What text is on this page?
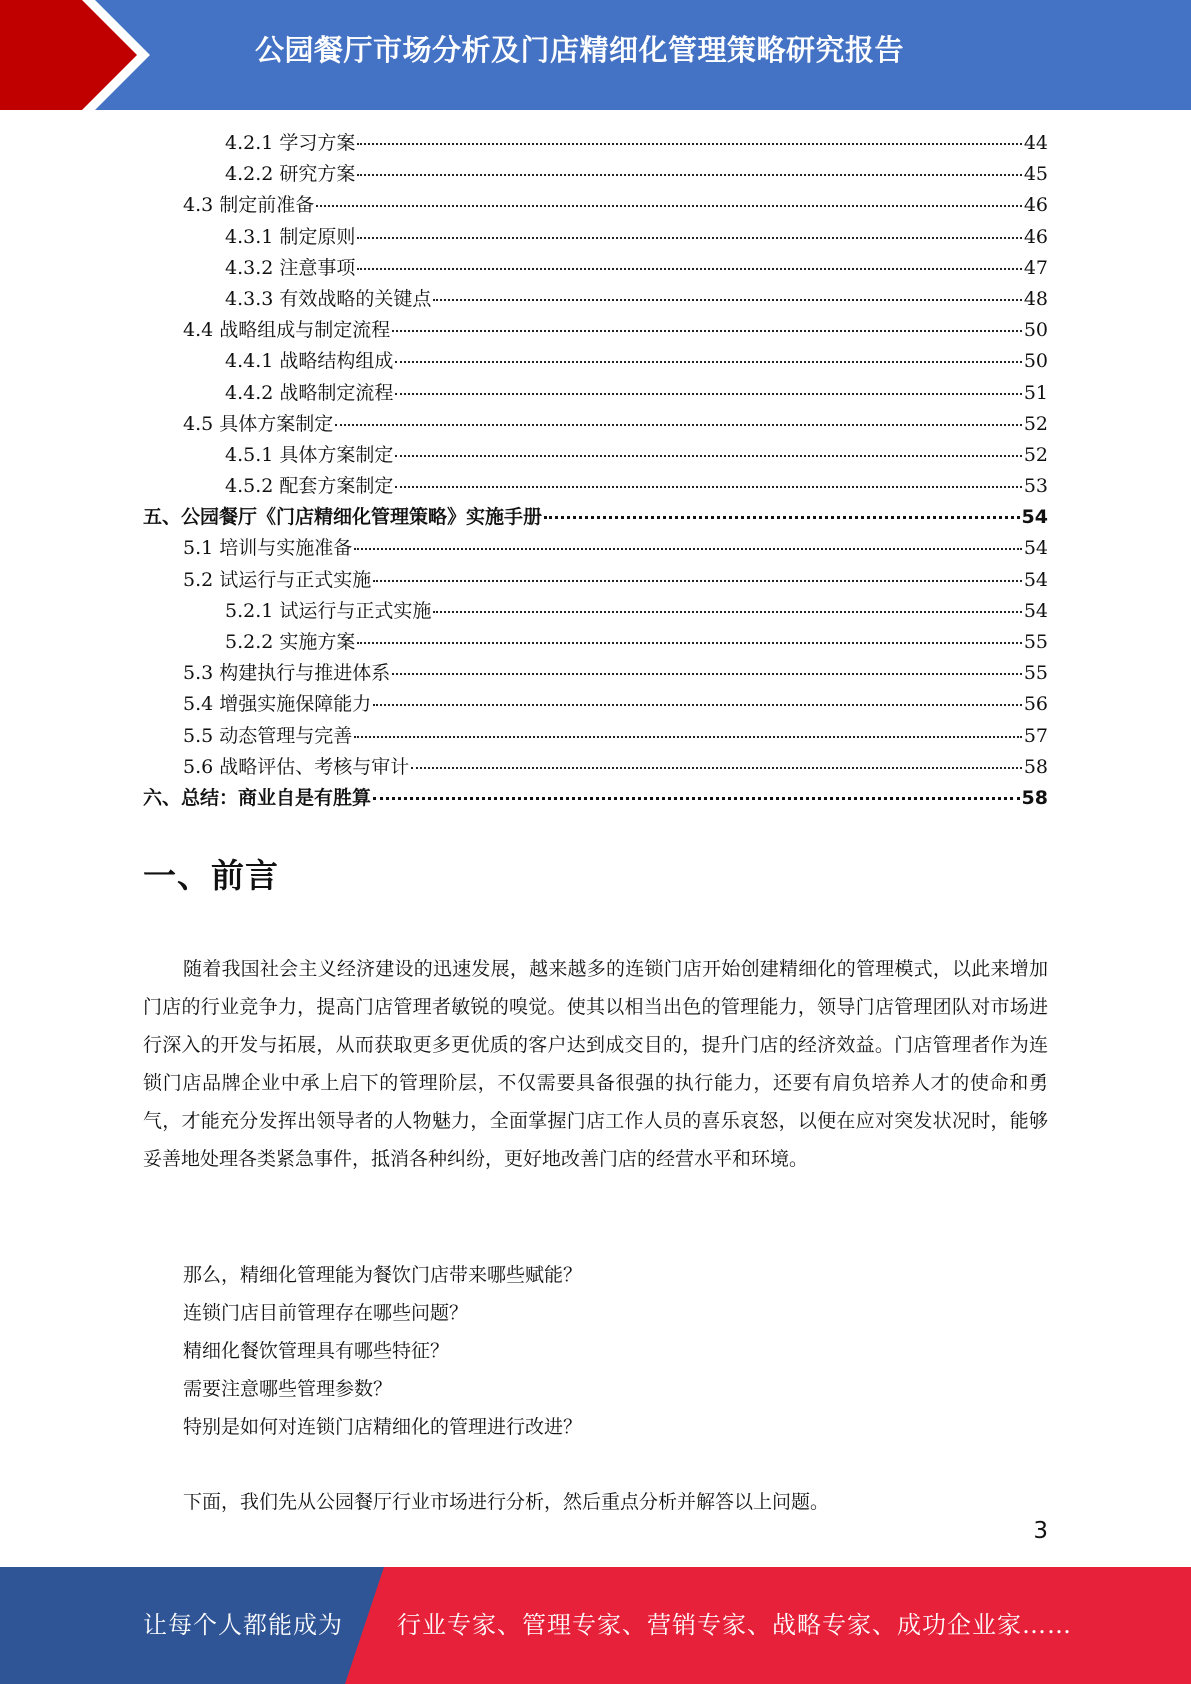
公园餐厅市场分析及门店精细化管理策略研究报告
4.2.1 学习方案	44
4.2.2 研究方案	45
4.3 制定前准备	46
4.3.1 制定原则	46
4.3.2 注意事项	47
4.3.3 有效战略的关键点	48
4.4 战略组成与制定流程	50
4.4.1 战略结构组成	50
4.4.2 战略制定流程	51
4.5 具体方案制定	52
4.5.1 具体方案制定	52
4.5.2 配套方案制定	53
五、公园餐厅《门店精细化管理策略》实施手册	54
5.1 培训与实施准备	54
5.2 试运行与正式实施	54
5.2.1 试运行与正式实施	54
5.2.2 实施方案	55
5.3 构建执行与推进体系	55
5.4 增强实施保障能力	56
5.5 动态管理与完善	57
5.6 战略评估、考核与审计	58
六、总结：商业自是有胜算	58
一、前言

随着我国社会主义经济建设的迅速发展，越来越多的连锁门店开始创建精细化的管理模式，以此来增加门店的行业竞争力，提高门店管理者敏锐的嗅觉。使其以相当出色的管理能力，领导门店管理团队对市场进行深入的开发与拓展，从而获取更多更优质的客户达到成交目的，提升门店的经济效益。门店管理者作为连锁门店品牌企业中承上启下的管理阶层，不仅需要具备很强的执行能力，还要有肩负培养人才的使命和勇气，才能充分发挥出领导者的人物魅力，全面掌握门店工作人员的喜乐哀怒，以便在应对突发状况时，能够妥善地处理各类紧急事件，抵消各种纠纷，更好地改善门店的经营水平和环境。

那么，精细化管理能为餐饮门店带来哪些赋能？
连锁门店目前管理存在哪些问题？
精细化餐饮管理具有哪些特征？
需要注意哪些管理参数？
特别是如何对连锁门店精细化的管理进行改进？

下面，我们先从公园餐厅行业市场进行分析，然后重点分析并解答以上问题。

3
让每个人都能成为 行业专家、管理专家、营销专家、战略专家、成功企业家……
